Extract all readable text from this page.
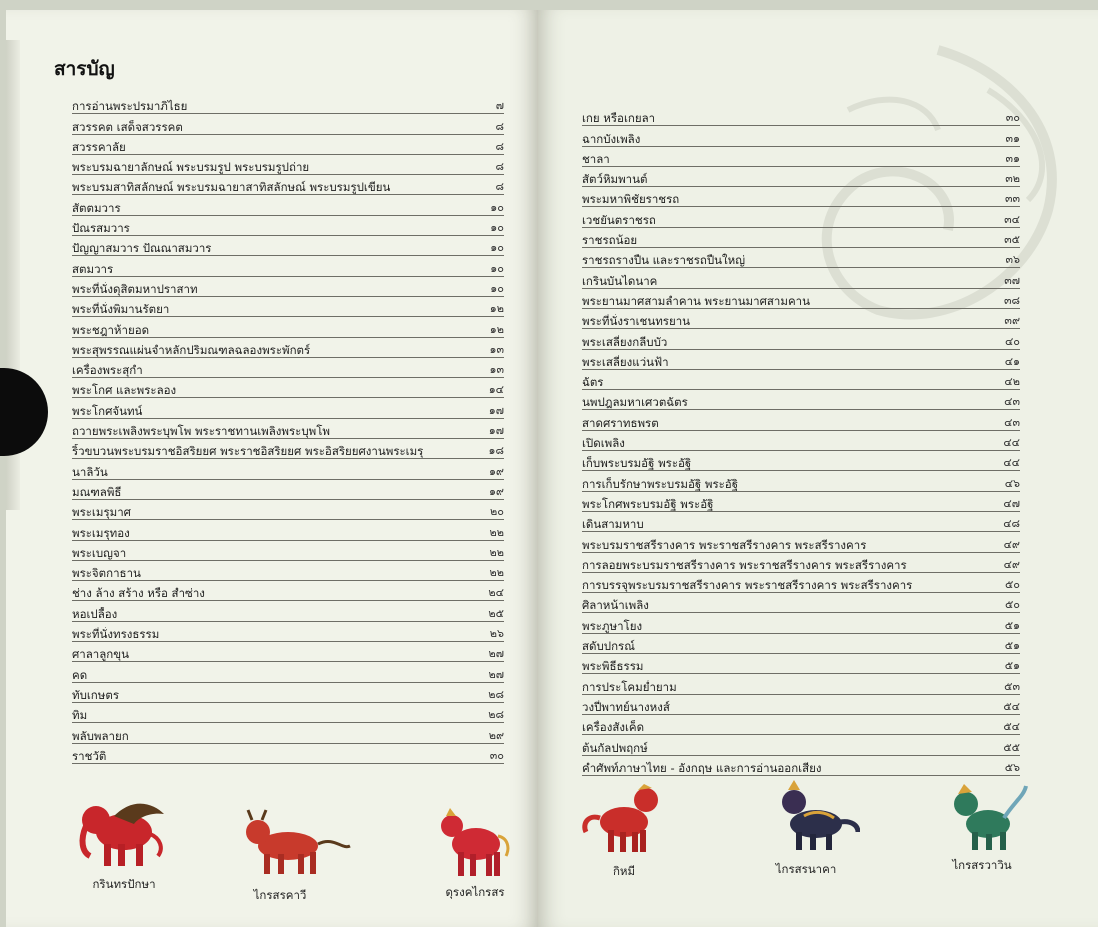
สารบัญ
การอ่านพระปรมาภิไธย	๗
สวรรคต เสด็จสวรรคต	๘
สวรรคาลัย	๘
พระบรมฉายาลักษณ์ พระบรมรูป พระบรมรูปถ่าย	๘
พระบรมสาทิสลักษณ์ พระบรมฉายาสาทิสลักษณ์ พระบรมรูปเขียน	๘
สัตตมวาร	๑๐
ปัณรสมวาร	๑๐
ปัญญาสมวาร ปัณณาสมวาร	๑๐
สตมวาร	๑๐
พระที่นั่งดุสิตมหาปราสาท	๑๐
พระที่นั่งพิมานรัตยา	๑๒
พระชฎาห้ายอด	๑๒
พระสุพรรณแผ่นจำหลักปริมณฑลฉลองพระพักตร์	๑๓
เครื่องพระสุกำ	๑๓
พระโกศ และพระลอง	๑๔
พระโกศจันทน์	๑๗
ถวายพระเพลิงพระบุพโพ พระราชทานเพลิงพระบุพโพ	๑๗
ริ้วขบวนพระบรมราชอิสริยยศ พระราชอิสริยยศ พระอิสริยยศงานพระเมรุ	๑๘
นาลิวัน	๑๙
มณฑลพิธี	๑๙
พระเมรุมาศ	๒๐
พระเมรุทอง	๒๒
พระเบญจา	๒๒
พระจิตกาธาน	๒๒
ช่าง ล้าง สร้าง หรือ สำซ่าง	๒๔
หอเปลื้อง	๒๕
พระที่นั่งทรงธรรม	๒๖
ศาลาลูกขุน	๒๗
คด	๒๗
ทับเกษตร	๒๘
ทิม	๒๘
พลับพลายก	๒๙
ราชวัติ	๓๐
เกย หรือเกยลา	๓๐
ฉากบังเพลิง	๓๑
ชาลา	๓๑
สัตว์หิมพานต์	๓๒
พระมหาพิชัยราชรถ	๓๓
เวชยันตราชรถ	๓๔
ราชรถน้อย	๓๕
ราชรถรางปืน และราชรถปืนใหญ่	๓๖
เกรินบันไดนาค	๓๗
พระยานมาศสามลำคาน พระยานมาศสามคาน	๓๘
พระที่นั่งราเชนทรยาน	๓๙
พระเสลี่ยงกลีบบัว	๔๐
พระเสลี่ยงแว่นฟ้า	๔๑
ฉัตร	๔๒
นพปฎลมหาเศวตฉัตร	๔๓
สาดศราทธพรต	๔๓
เปิดเพลิง	๔๔
เก็บพระบรมอัฐิ พระอัฐิ	๔๔
การเก็บรักษาพระบรมอัฐิ พระอัฐิ	๔๖
พระโกศพระบรมอัฐิ พระอัฐิ	๔๗
เดินสามหาบ	๔๘
พระบรมราชสรีรางคาร พระราชสรีรางคาร พระสรีรางคาร	๔๙
การลอยพระบรมราชสรีรางคาร พระราชสรีรางคาร พระสรีรางคาร	๔๙
การบรรจุพระบรมราชสรีรางคาร พระราชสรีรางคาร พระสรีรางคาร	๕๐
ศิลาหน้าเพลิง	๕๐
พระภูษาโยง	๕๑
สดับปกรณ์	๕๑
พระพิธีธรรม	๕๑
การประโคมย่ำยาม	๕๓
วงปี่พาทย์นางหงส์	๕๔
เครื่องสังเค็ด	๕๔
ต้นกัลปพฤกษ์	๕๕
คำศัพท์ภาษาไทย - อังกฤษ และการอ่านออกเสียง	๕๖
กรินทรปักษา
ไกรสรคาวี	ดุรงคไกรสร
กิหมี	ไกรสรนาคา	ไกรสรวาวิน
